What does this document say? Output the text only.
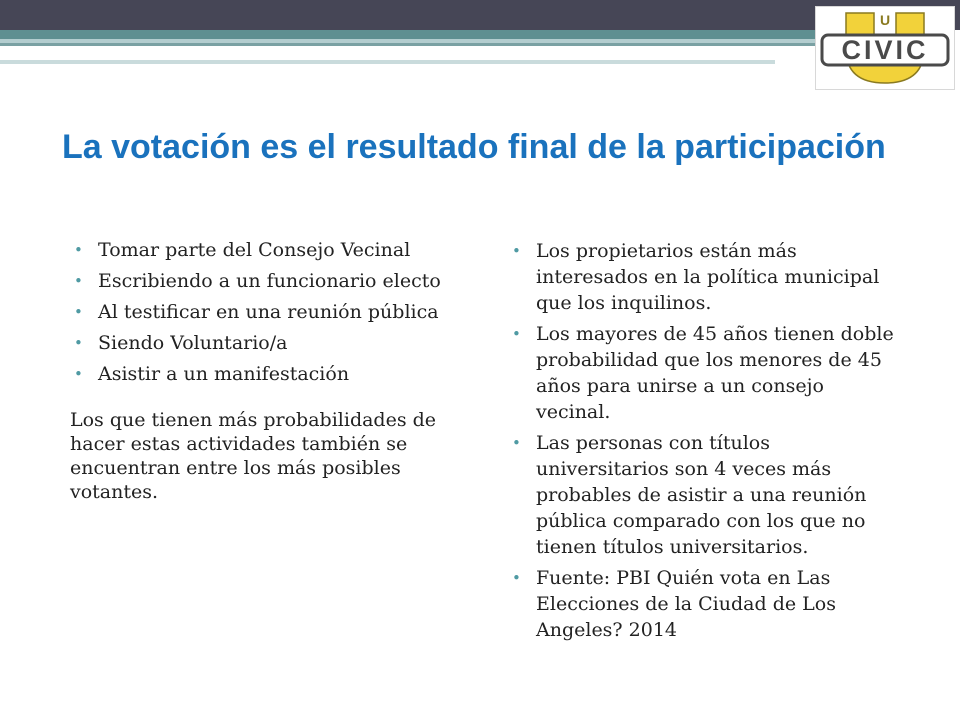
U
CIVIC
La votación es el resultado final de la participación
• Tomar parte del Consejo Vecinal
• Escribiendo a un funcionario electo
• Al testificar en una reunión pública
• Siendo Voluntario/a
• Asistir a un manifestación

Los que tienen más probabilidades de hacer estas actividades también se encuentran entre los más posibles votantes.

• Los propietarios están más interesados en la política municipal que los inquilinos.
• Los mayores de 45 años tienen doble probabilidad que los menores de 45 años para unirse a un consejo vecinal.
• Las personas con títulos universitarios son 4 veces más probables de asistir a una reunión pública comparado con los que no tienen títulos universitarios.
• Fuente: PBI Quién vota en Las Elecciones de la Ciudad de Los Angeles? 2014
